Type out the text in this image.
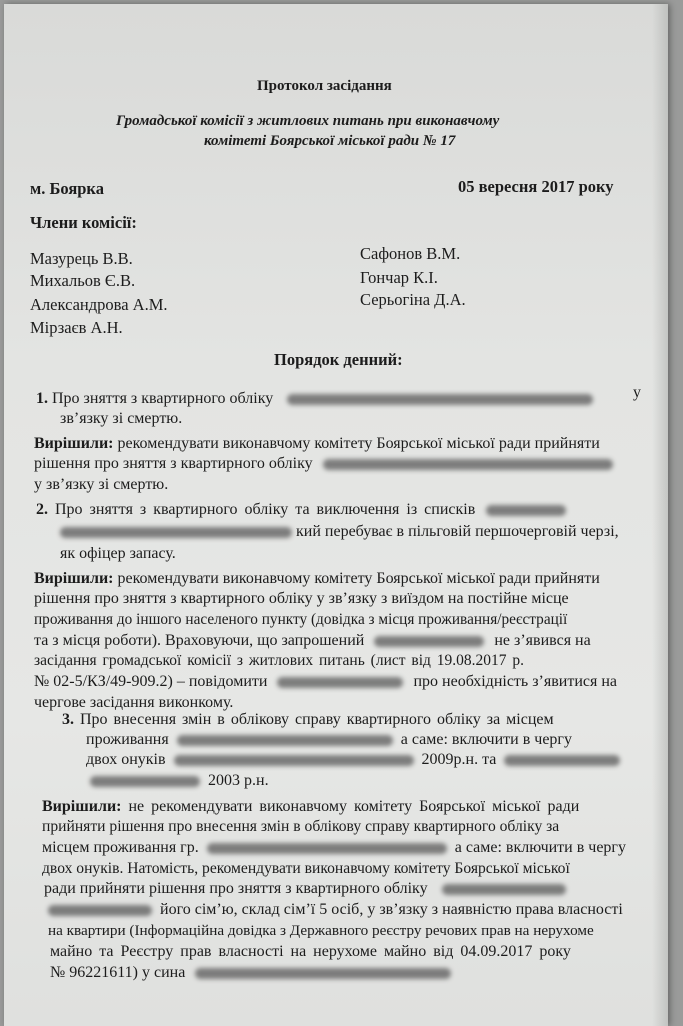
Протокол засідання
Громадської комісії з житлових питань при виконавчому
комітеті Боярської міської ради № 17
м. Боярка	05 вересня 2017 року
Члени комісії:
Мазурець В.В.
Михальов Є.В.
Александрова А.М.
Мірзаєв А.Н.
Сафонов В.М.
Гончар К.І.
Серьогіна Д.А.
Порядок денний:
1. Про зняття з квартирного обліку	у
зв’язку зі смертю.
Вирішили: рекомендувати виконавчому комітету Боярської міської ради прийняти
рішення про зняття з квартирного обліку
у зв’язку зі смертю.
2. Про зняття з квартирного обліку та виключення із списків
кий перебуває в пільговій першочерговій черзі,
як офіцер запасу.
Вирішили: рекомендувати виконавчому комітету Боярської міської ради прийняти
рішення про зняття з квартирного обліку у зв’язку з виїздом на постійне місце
проживання до іншого населеного пункту (довідка з місця проживання/реєстрації
та з місця роботи). Враховуючи, що запрошений	не з’явився на
засідання громадської комісії з житлових питань (лист від 19.08.2017 р.
№ 02-5/КЗ/49-909.2) – повідомити	про необхідність з’явитися на
чергове засідання виконкому.
3. Про внесення змін в облікову справу квартирного обліку за місцем
проживання	а саме: включити в чергу
двох онуків	2009р.н. та
2003 р.н.
Вирішили: не рекомендувати виконавчому комітету Боярської міської ради
прийняти рішення про внесення змін в облікову справу квартирного обліку за
місцем проживання гр.	а саме: включити в чергу
двох онуків. Натомість, рекомендувати виконавчому комітету Боярської міської
ради прийняти рішення про зняття з квартирного обліку
його сім’ю, склад сім’ї 5 осіб, у зв’язку з наявністю права власності
на квартири (Інформаційна довідка з Державного реєстру речових прав на нерухоме
майно та Реєстру прав власності на нерухоме майно від 04.09.2017 року
№ 96221611) у сина
